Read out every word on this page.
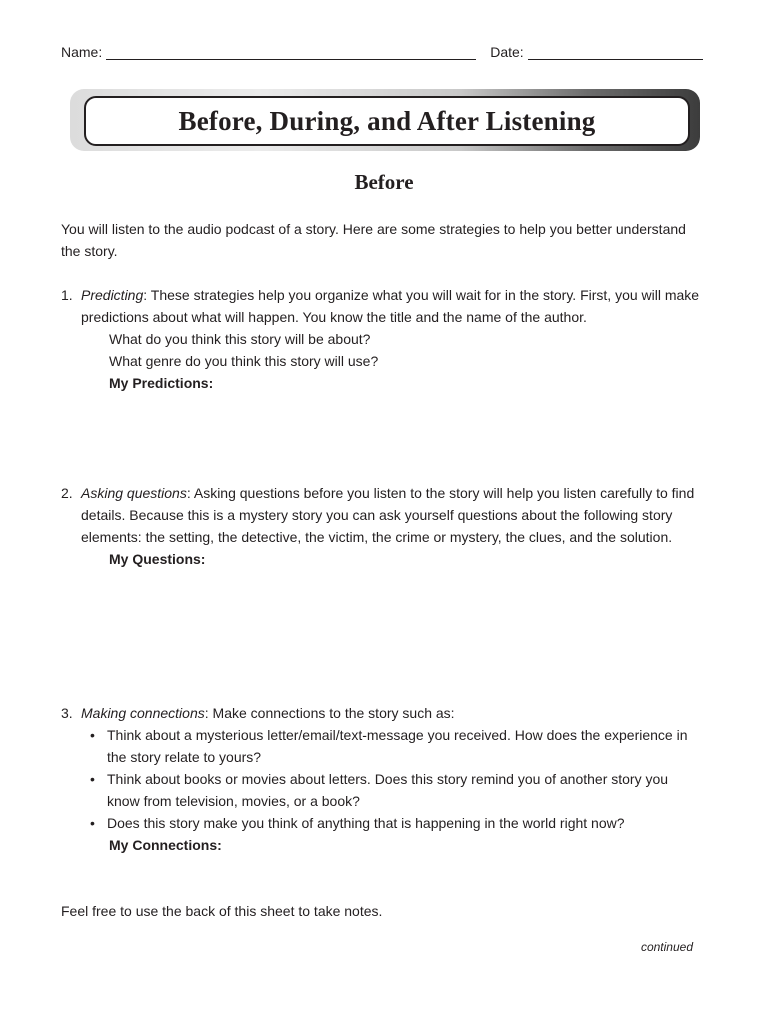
Name:	Date:
Before, During, and After Listening
Before
You will listen to the audio podcast of a story. Here are some strategies to help you better understand the story.
1. Predicting: These strategies help you organize what you will wait for in the story. First, you will make predictions about what will happen. You know the title and the name of the author.
What do you think this story will be about?
What genre do you think this story will use?
My Predictions:
2. Asking questions: Asking questions before you listen to the story will help you listen carefully to find details. Because this is a mystery story you can ask yourself questions about the following story elements: the setting, the detective, the victim, the crime or mystery, the clues, and the solution.
My Questions:
3. Making connections: Make connections to the story such as:
• Think about a mysterious letter/email/text-message you received. How does the experience in the story relate to yours?
• Think about books or movies about letters. Does this story remind you of another story you know from television, movies, or a book?
• Does this story make you think of anything that is happening in the world right now?
My Connections:
Feel free to use the back of this sheet to take notes.
continued
